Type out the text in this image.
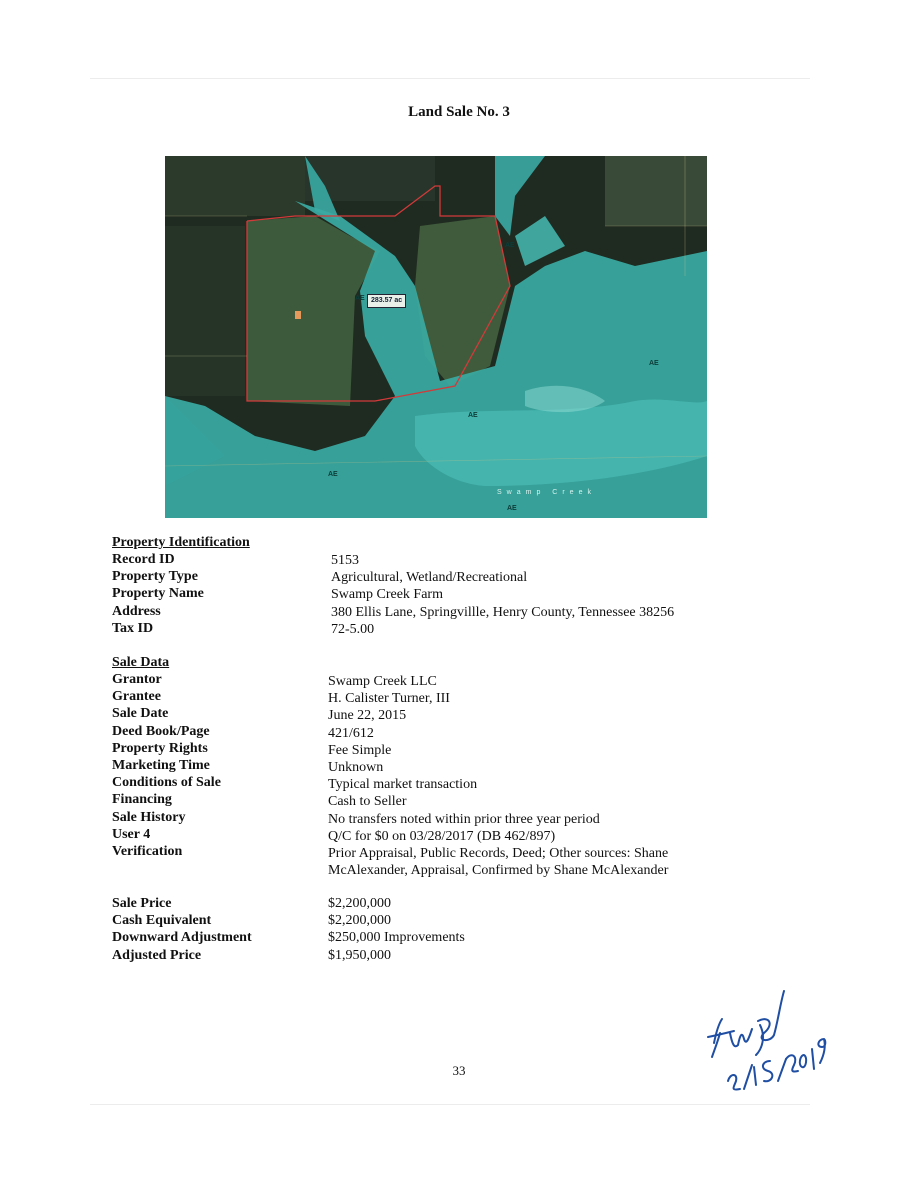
Land Sale No. 3
283.57 ac
AE
AE
AE
AE
AE
AE
Swamp Creek
Property Identification
Record ID	5153
Property Type	Agricultural, Wetland/Recreational
Property Name	Swamp Creek Farm
Address	380 Ellis Lane, Springvillle, Henry County, Tennessee 38256
Tax ID	72-5.00
Sale Data
Grantor	Swamp Creek LLC
Grantee	H. Calister Turner, III
Sale Date	June 22, 2015
Deed Book/Page	421/612
Property Rights	Fee Simple
Marketing Time	Unknown
Conditions of Sale	Typical market transaction
Financing	Cash to Seller
Sale History	No transfers noted within prior three year period
User 4	Q/C for $0 on 03/28/2017 (DB 462/897)
Verification	Prior Appraisal, Public Records, Deed; Other sources: Shane McAlexander, Appraisal, Confirmed by Shane McAlexander
Sale Price	$2,200,000
Cash Equivalent	$2,200,000
Downward Adjustment	$250,000 Improvements
Adjusted Price	$1,950,000
33
